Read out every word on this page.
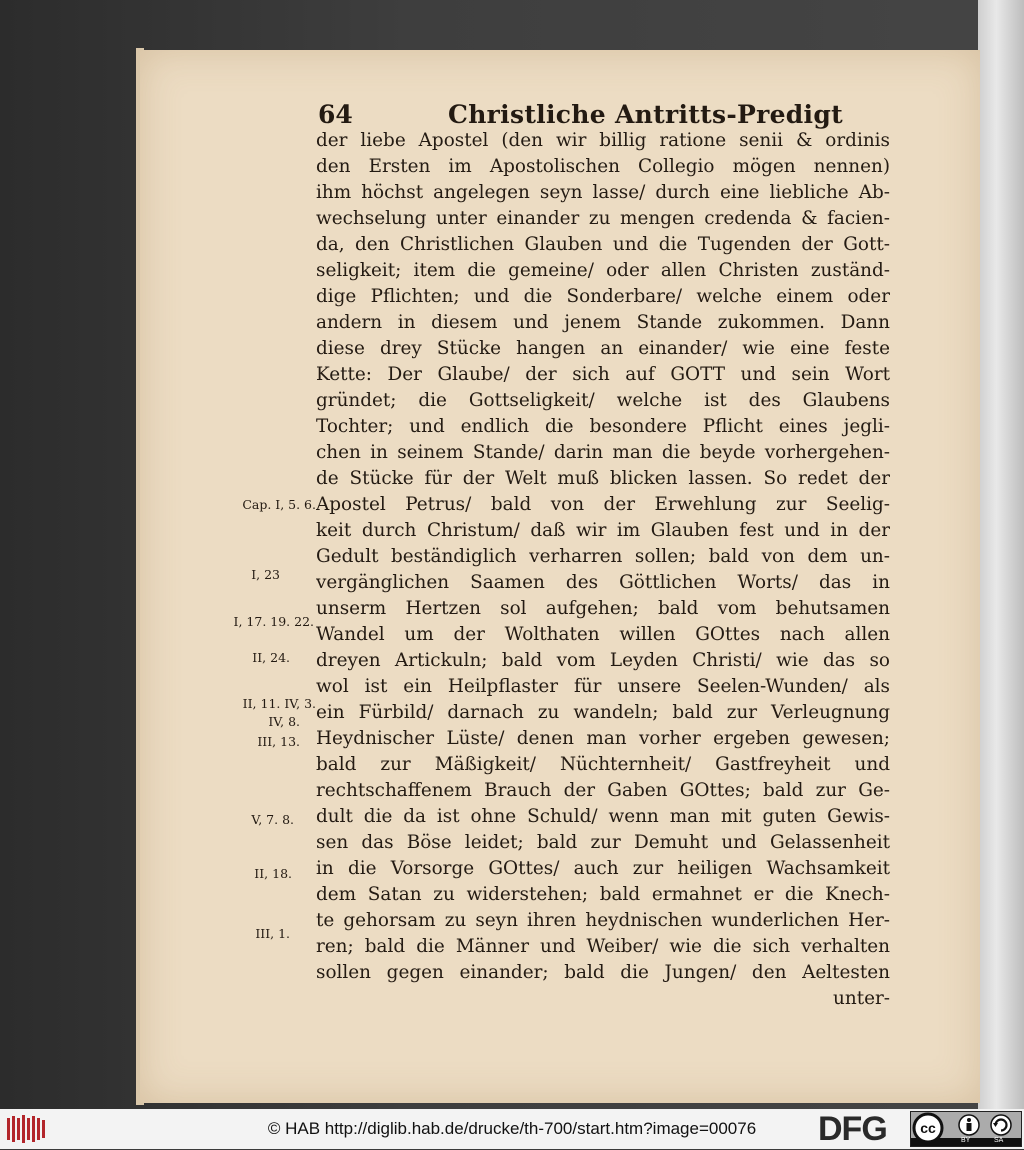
64	Christliche Antritts-Predigt
der liebe Apostel (den wir billig ratione senii & ordinis
den Ersten im Apostolischen Collegio mögen nennen)
ihm höchst angelegen seyn lasse/ durch eine liebliche Ab-
wechselung unter einander zu mengen credenda & facien-
da, den Christlichen Glauben und die Tugenden der Gott-
seligkeit; item die gemeine/ oder allen Christen zuständ-
dige Pflichten; und die Sonderbare/ welche einem oder
andern in diesem und jenem Stande zukommen. Dann
diese drey Stücke hangen an einander/ wie eine feste
Kette: Der Glaube/ der sich auf GOTT und sein Wort
gründet; die Gottseligkeit/ welche ist des Glaubens
Tochter; und endlich die besondere Pflicht eines jegli-
chen in seinem Stande/ darin man die beyde vorhergehen-
de Stücke für der Welt muß blicken lassen. So redet der
Apostel Petrus/ bald von der Erwehlung zur Seelig-
keit durch Christum/ daß wir im Glauben fest und in der
Gedult beständiglich verharren sollen; bald von dem un-
vergänglichen Saamen des Göttlichen Worts/ das in
unserm Hertzen sol aufgehen; bald vom behutsamen
Wandel um der Wolthaten willen GOttes nach allen
dreyen Artickuln; bald vom Leyden Christi/ wie das so
wol ist ein Heilpflaster für unsere Seelen-Wunden/ als
ein Fürbild/ darnach zu wandeln; bald zur Verleugnung
Heydnischer Lüste/ denen man vorher ergeben gewesen;
bald zur Mäßigkeit/ Nüchternheit/ Gastfreyheit und
rechtschaffenem Brauch der Gaben GOttes; bald zur Ge-
dult die da ist ohne Schuld/ wenn man mit guten Gewis-
sen das Böse leidet; bald zur Demuht und Gelassenheit
in die Vorsorge GOttes/ auch zur heiligen Wachsamkeit
dem Satan zu widerstehen; bald ermahnet er die Knech-
te gehorsam zu seyn ihren heydnischen wunderlichen Her-
ren; bald die Männer und Weiber/ wie die sich verhalten
sollen gegen einander; bald die Jungen/ den Aeltesten
unter-
Cap. I, 5. 6.
I, 23
I, 17. 19. 22.
II, 24.
II, 11. IV, 3.
IV, 8.
III, 13.
V, 7. 8.
II, 18.
III, 1.
© HAB http://diglib.hab.de/drucke/th-700/start.htm?image=00076	DFG	cc
BY	SA
